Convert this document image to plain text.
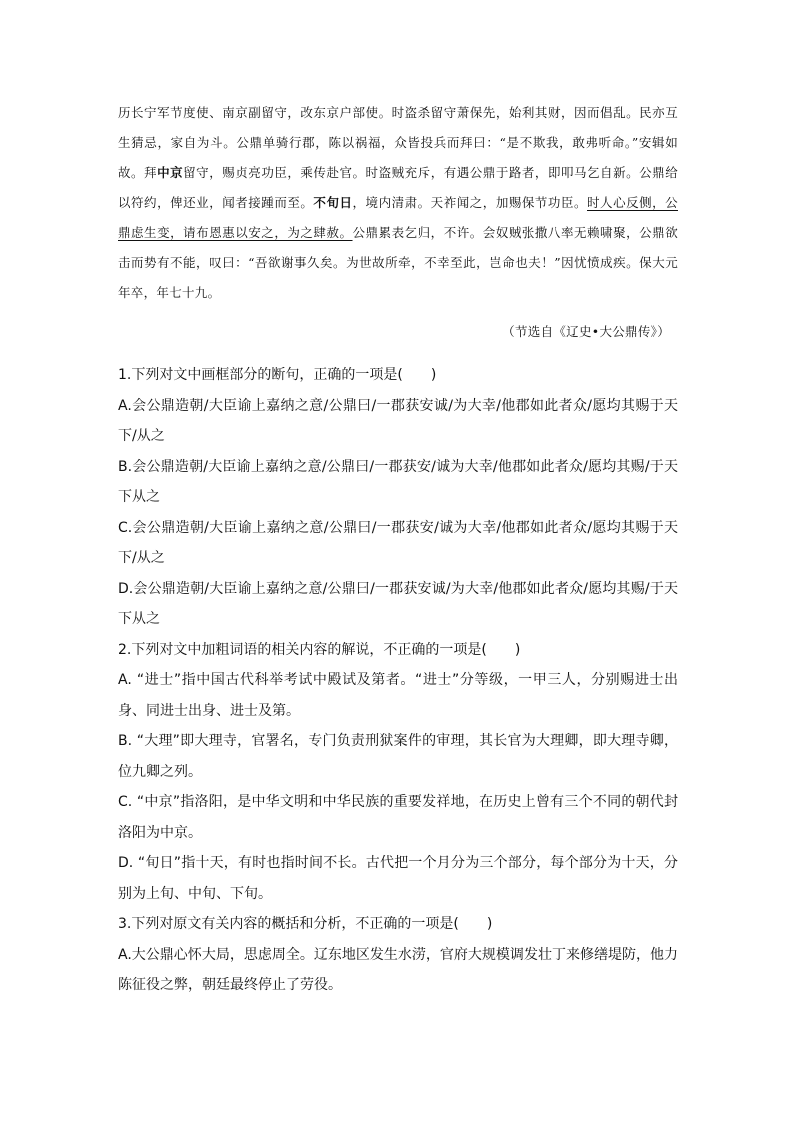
历长宁军节度使、南京副留守，改东京户部使。时盗杀留守萧保先，始利其财，因而倡乱。民亦互生猜忌，家自为斗。公鼎单骑行郡，陈以祸福，众皆投兵而拜曰：“是不欺我，敢弗听命。”安辑如故。拜中京留守，赐贞亮功臣，乘传赴官。时盗贼充斥，有遇公鼎于路者，即叩马乞自新。公鼎给以符约，俾还业，闻者接踵而至。不旬日，境内清肃。天祚闻之，加赐保节功臣。时人心反侧，公鼎虑生变，请布恩惠以安之，为之肆赦。公鼎累表乞归，不许。会奴贼张撒八率无赖啸聚，公鼎欲击而势有不能，叹曰：“吾欲谢事久矣。为世故所牵，不幸至此，岂命也夫！”因忧愤成疾。保大元年卒，年七十九。
（节选自《辽史•大公鼎传》）

1.下列对文中画框部分的断句，正确的一项是(　　)

A.会公鼎造朝/大臣谕上嘉纳之意/公鼎曰/一郡获安诚/为大幸/他郡如此者众/愿均其赐于天下/从之

B.会公鼎造朝/大臣谕上嘉纳之意/公鼎曰/一郡获安/诚为大幸/他郡如此者众/愿均其赐/于天下从之

C.会公鼎造朝/大臣谕上嘉纳之意/公鼎曰/一郡获安/诚为大幸/他郡如此者众/愿均其赐于天下/从之

D.会公鼎造朝/大臣谕上嘉纳之意/公鼎曰/一郡获安诚/为大幸/他郡如此者众/愿均其赐/于天下从之

2.下列对文中加粗词语的相关内容的解说，不正确的一项是(　　)

A. “进士”指中国古代科举考试中殿试及第者。“进士”分等级，一甲三人，分别赐进士出身、同进士出身、进士及第。

B. “大理”即大理寺，官署名，专门负责刑狱案件的审理，其长官为大理卿，即大理寺卿，位九卿之列。

C. “中京”指洛阳，是中华文明和中华民族的重要发祥地，在历史上曾有三个不同的朝代封洛阳为中京。

D. “旬日”指十天，有时也指时间不长。古代把一个月分为三个部分，每个部分为十天，分别为上旬、中旬、下旬。

3.下列对原文有关内容的概括和分析，不正确的一项是(　　)

A.大公鼎心怀大局，思虑周全。辽东地区发生水涝，官府大规模调发壮丁来修缮堤防，他力陈征役之弊，朝廷最终停止了劳役。
